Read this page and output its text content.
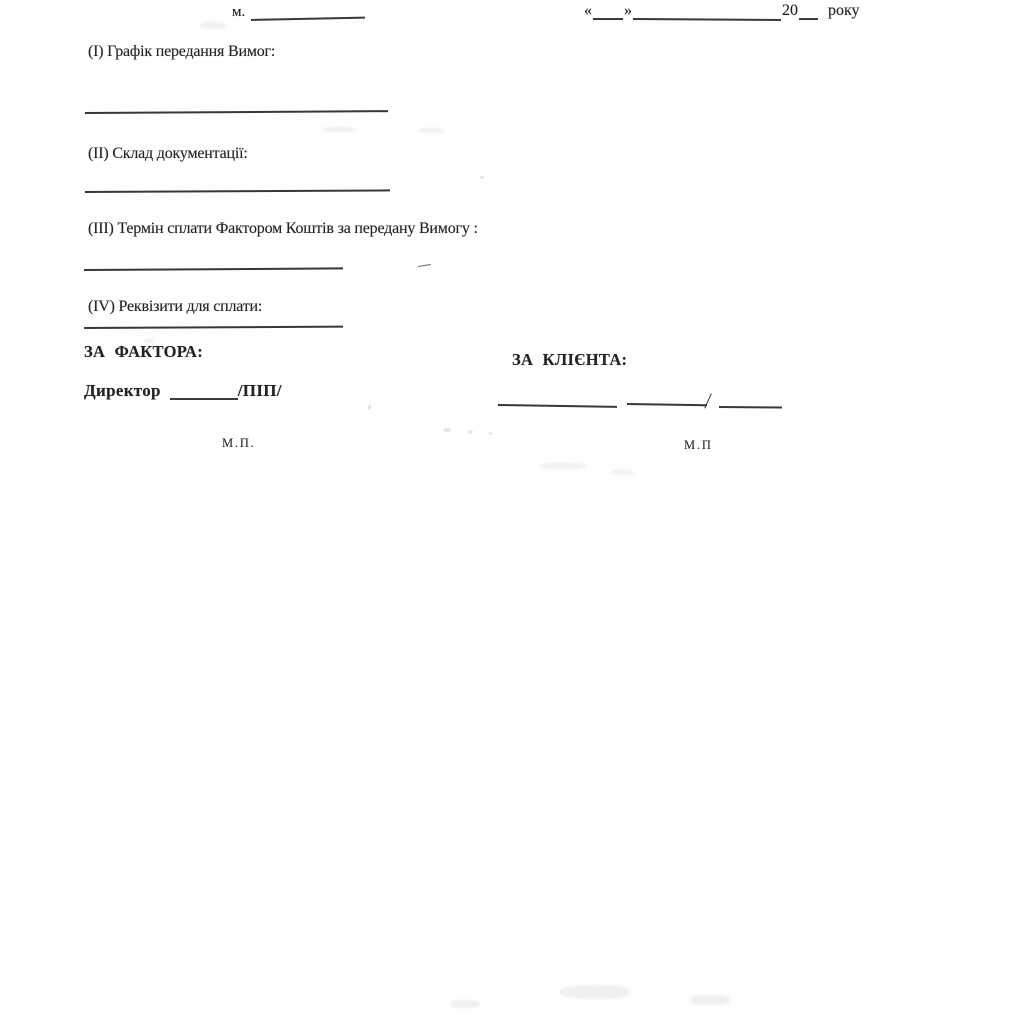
м.	« »	20 року
(I) Графік передання Вимог:
(II) Склад документації:
(III) Термін сплати Фактором Коштів за передану Вимогу :
(IV) Реквізити для сплати:
ЗА ФАКТОРА:	ЗА КЛІЄНТА:
Директор	/ПІП/
М.П.
/
М.П
